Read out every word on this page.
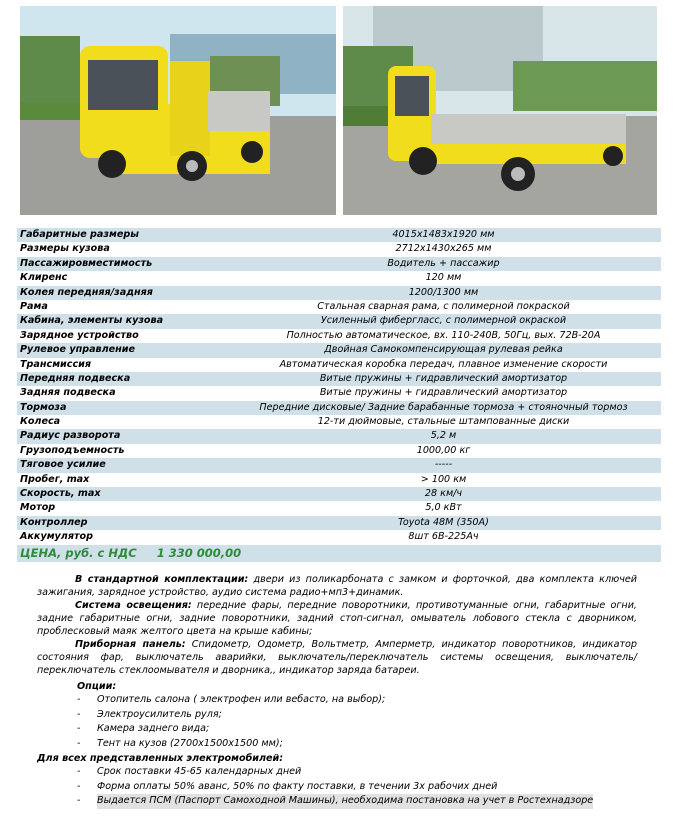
Габаритные размеры	4015х1483х1920 мм
Размеры кузова	2712х1430х265 мм
Пассажировместимость	Водитель + пассажир
Клиренс	120 мм
Колея передняя/задняя	1200/1300 мм
Рама	Стальная сварная рама, с полимерной покраской
Кабина, элементы кузова	Усиленный фибергласс, с полимерной окраской
Зарядное устройство	Полностью автоматическое, вх. 110-240В, 50Гц, вых. 72В-20А
Рулевое управление	Двойная Самокомпенсирующая рулевая рейка
Трансмиссия	Автоматическая коробка передач, плавное изменение скорости
Передняя подвеска	Витые пружины + гидравлический амортизатор
Задняя подвеска	Витые пружины + гидравлический амортизатор
Тормоза	Передние дисковые/ Задние барабанные тормоза + стояночный тормоз
Колеса	12-ти дюймовые, стальные штампованные диски
Радиус разворота	5,2 м
Грузоподъемность	1000,00 кг
Тяговое усилие	-----
Пробег, max	> 100 км
Скорость, max	28 км/ч
Мотор	5,0 кВт
Контроллер	Toyota 48M (350A)
Аккумулятор	8шт 6В-225Ач
ЦЕНА, руб. с НДС 1 330 000,00

В стандартной комплектации: двери из поликарбоната с замком и форточкой, два комплекта ключей зажигания, зарядное устройство, аудио система радио+мп3+динамик.

Система освещения: передние фары, передние поворотники, противотуманные огни, габаритные огни, задние габаритные огни, задние поворотники, задний стоп-сигнал, омыватель лобового стекла с дворником, проблесковый маяк желтого цвета на крыше кабины;

Приборная панель: Спидометр, Одометр, Вольтметр, Амперметр, индикатор поворотников, индикатор состояния фар, выключатель аварийки, выключатель/переключатель системы освещения, выключатель/переключатель стеклоомывателя и дворника,, индикатор заряда батареи.

Опции:
-	Отопитель салона ( электрофен или вебасто, на выбор);
-	Электроусилитель руля;
-	Камера заднего вида;
-	Тент на кузов (2700х1500х1500 мм);
Для всех представленных электромобилей:
-	Срок поставки 45-65 календарных дней
-	Форма оплаты 50% аванс, 50% по факту поставки, в течении 3х рабочих дней
-	Выдается ПСМ (Паспорт Самоходной Машины), необходима постановка на учет в Ростехнадзоре
